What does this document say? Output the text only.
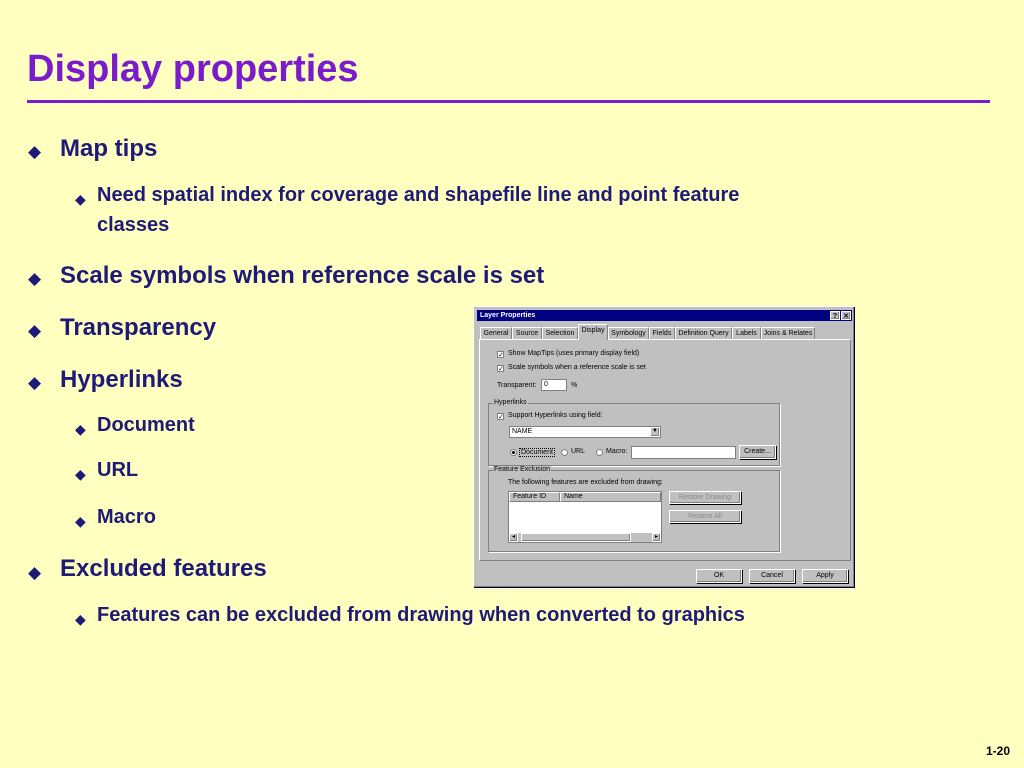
Display properties
◆ Map tips
◆ Need spatial index for coverage and shapefile line and point feature
classes
◆ Scale symbols when reference scale is set
◆ Transparency
◆ Hyperlinks
◆ Document
◆ URL
◆ Macro
◆ Excluded features
◆ Features can be excluded from drawing when converted to graphics
Layer Properties	? ✕
General	Source	Selection	Display Symbology Fields	Definition Query	Labels Joins & Relates
✓ Show MapTips (uses primary display field)
✓ Scale symbols when a reference scale is set
Transparent:	0	%
Hyperlinks
✓ Support Hyperlinks using field:
NAME	▼
Document	URL	Macro:	Create...
Feature Exclusion
The following features are excluded from drawing:
Feature ID	Name
◂	▸
Restore Drawing
Restore All
OK	Cancel	Apply
1-20
